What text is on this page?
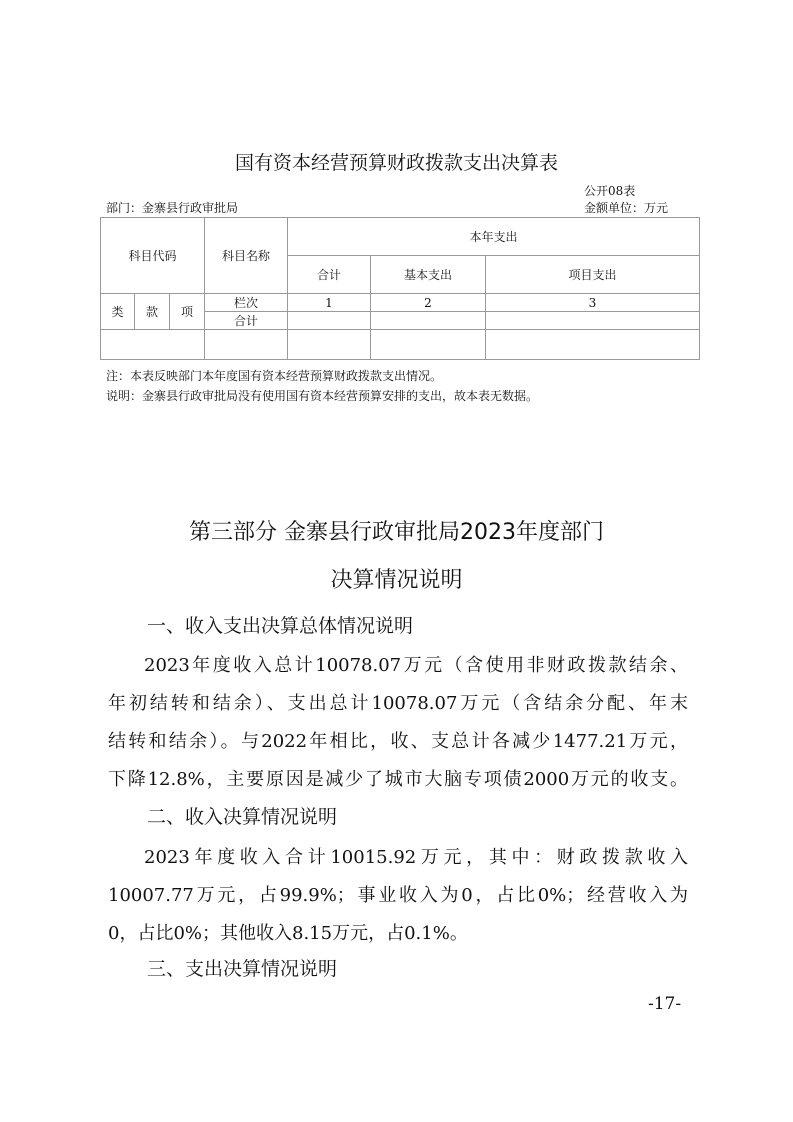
国有资本经营预算财政拨款支出决算表
公开08表
部门：金寨县行政审批局	金额单位：万元
科目代码	科目名称	本年支出		
		合计	基本支出	项目支出
类	款	项	栏次	1	2	3
			合计			

注：本表反映部门本年度国有资本经营预算财政拨款支出情况。
说明：金寨县行政审批局没有使用国有资本经营预算安排的支出，故本表无数据。
第三部分 金寨县行政审批局2023年度部门
决算情况说明
一、收入支出决算总体情况说明
2023年度收入总计10078.07万元（含使用非财政拨款结余、
年初结转和结余）、支出总计10078.07万元（含结余分配、年末
结转和结余）。与2022年相比，收、支总计各减少1477.21万元，
下降12.8%，主要原因是减少了城市大脑专项债2000万元的收支。
二、收入决算情况说明
2023年度收入合计10015.92万元，其中：财政拨款收入
10007.77万元，占99.9%；事业收入为0，占比0%；经营收入为
0，占比0%；其他收入8.15万元，占0.1%。
三、支出决算情况说明
-17-
